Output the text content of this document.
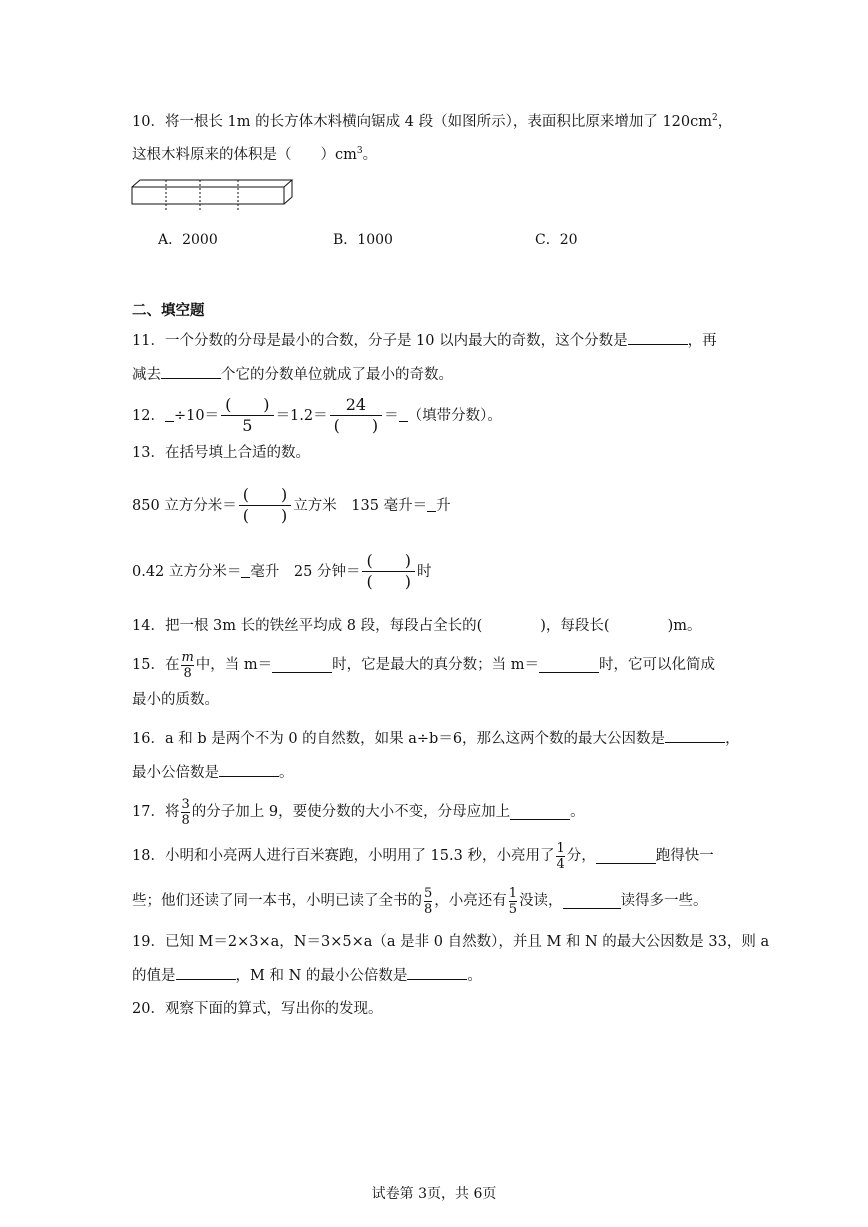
10．将一根长 1m 的长方体木料横向锯成 4 段（如图所示），表面积比原来增加了 $120cm^2$，
这根木料原来的体积是（　　）$cm^3$。
A．2000	B．1000	C．20
二、填空题
11．一个分数的分母是最小的合数，分子是 10 以内最大的奇数，这个分数是	，再
减去	个它的分数单位就成了最小的奇数。
12． $\div 10= \frac{( )}{5} =1.2= \frac{24}{( )}$ ＝ （填带分数）。
13．在括号填上合适的数。
850 立方分米＝ $\frac{( )}{( )}$ 立方米　135 毫升＝ 升
0.42 立方分米＝ 毫升　25 分钟＝ $\frac{( )}{( )}$ 时
14．把一根 3m 长的铁丝平均成 8 段，每段占全长的(	)，每段长(	)m。
15．在 $\frac{m}{8}$ 中，当 m＝	时，它是最大的真分数；当 m＝	时，它可以化简成
最小的质数。
16．a 和 b 是两个不为 0 的自然数，如果 a÷b＝6，那么这两个数的最大公因数是	，
最小公倍数是	。
17．将 $\frac{3}{8}$ 的分子加上 9，要使分数的大小不变，分母应加上	。
18．小明和小亮两人进行百米赛跑，小明用了 15.3 秒，小亮用了 $\frac{1}{4}$ 分，	跑得快一
些；他们还读了同一本书，小明已读了全书的 $\frac{5}{8}$ ，小亮还有 $\frac{1}{5}$ 没读，	读得多一些。
19．已知 M＝2×3×a，N＝3×5×a（a 是非 0 自然数），并且 M 和 N 的最大公因数是 33，则 a
的值是	，M 和 N 的最小公倍数是	。
20．观察下面的算式，写出你的发现。
试卷第 3页，共 6页
